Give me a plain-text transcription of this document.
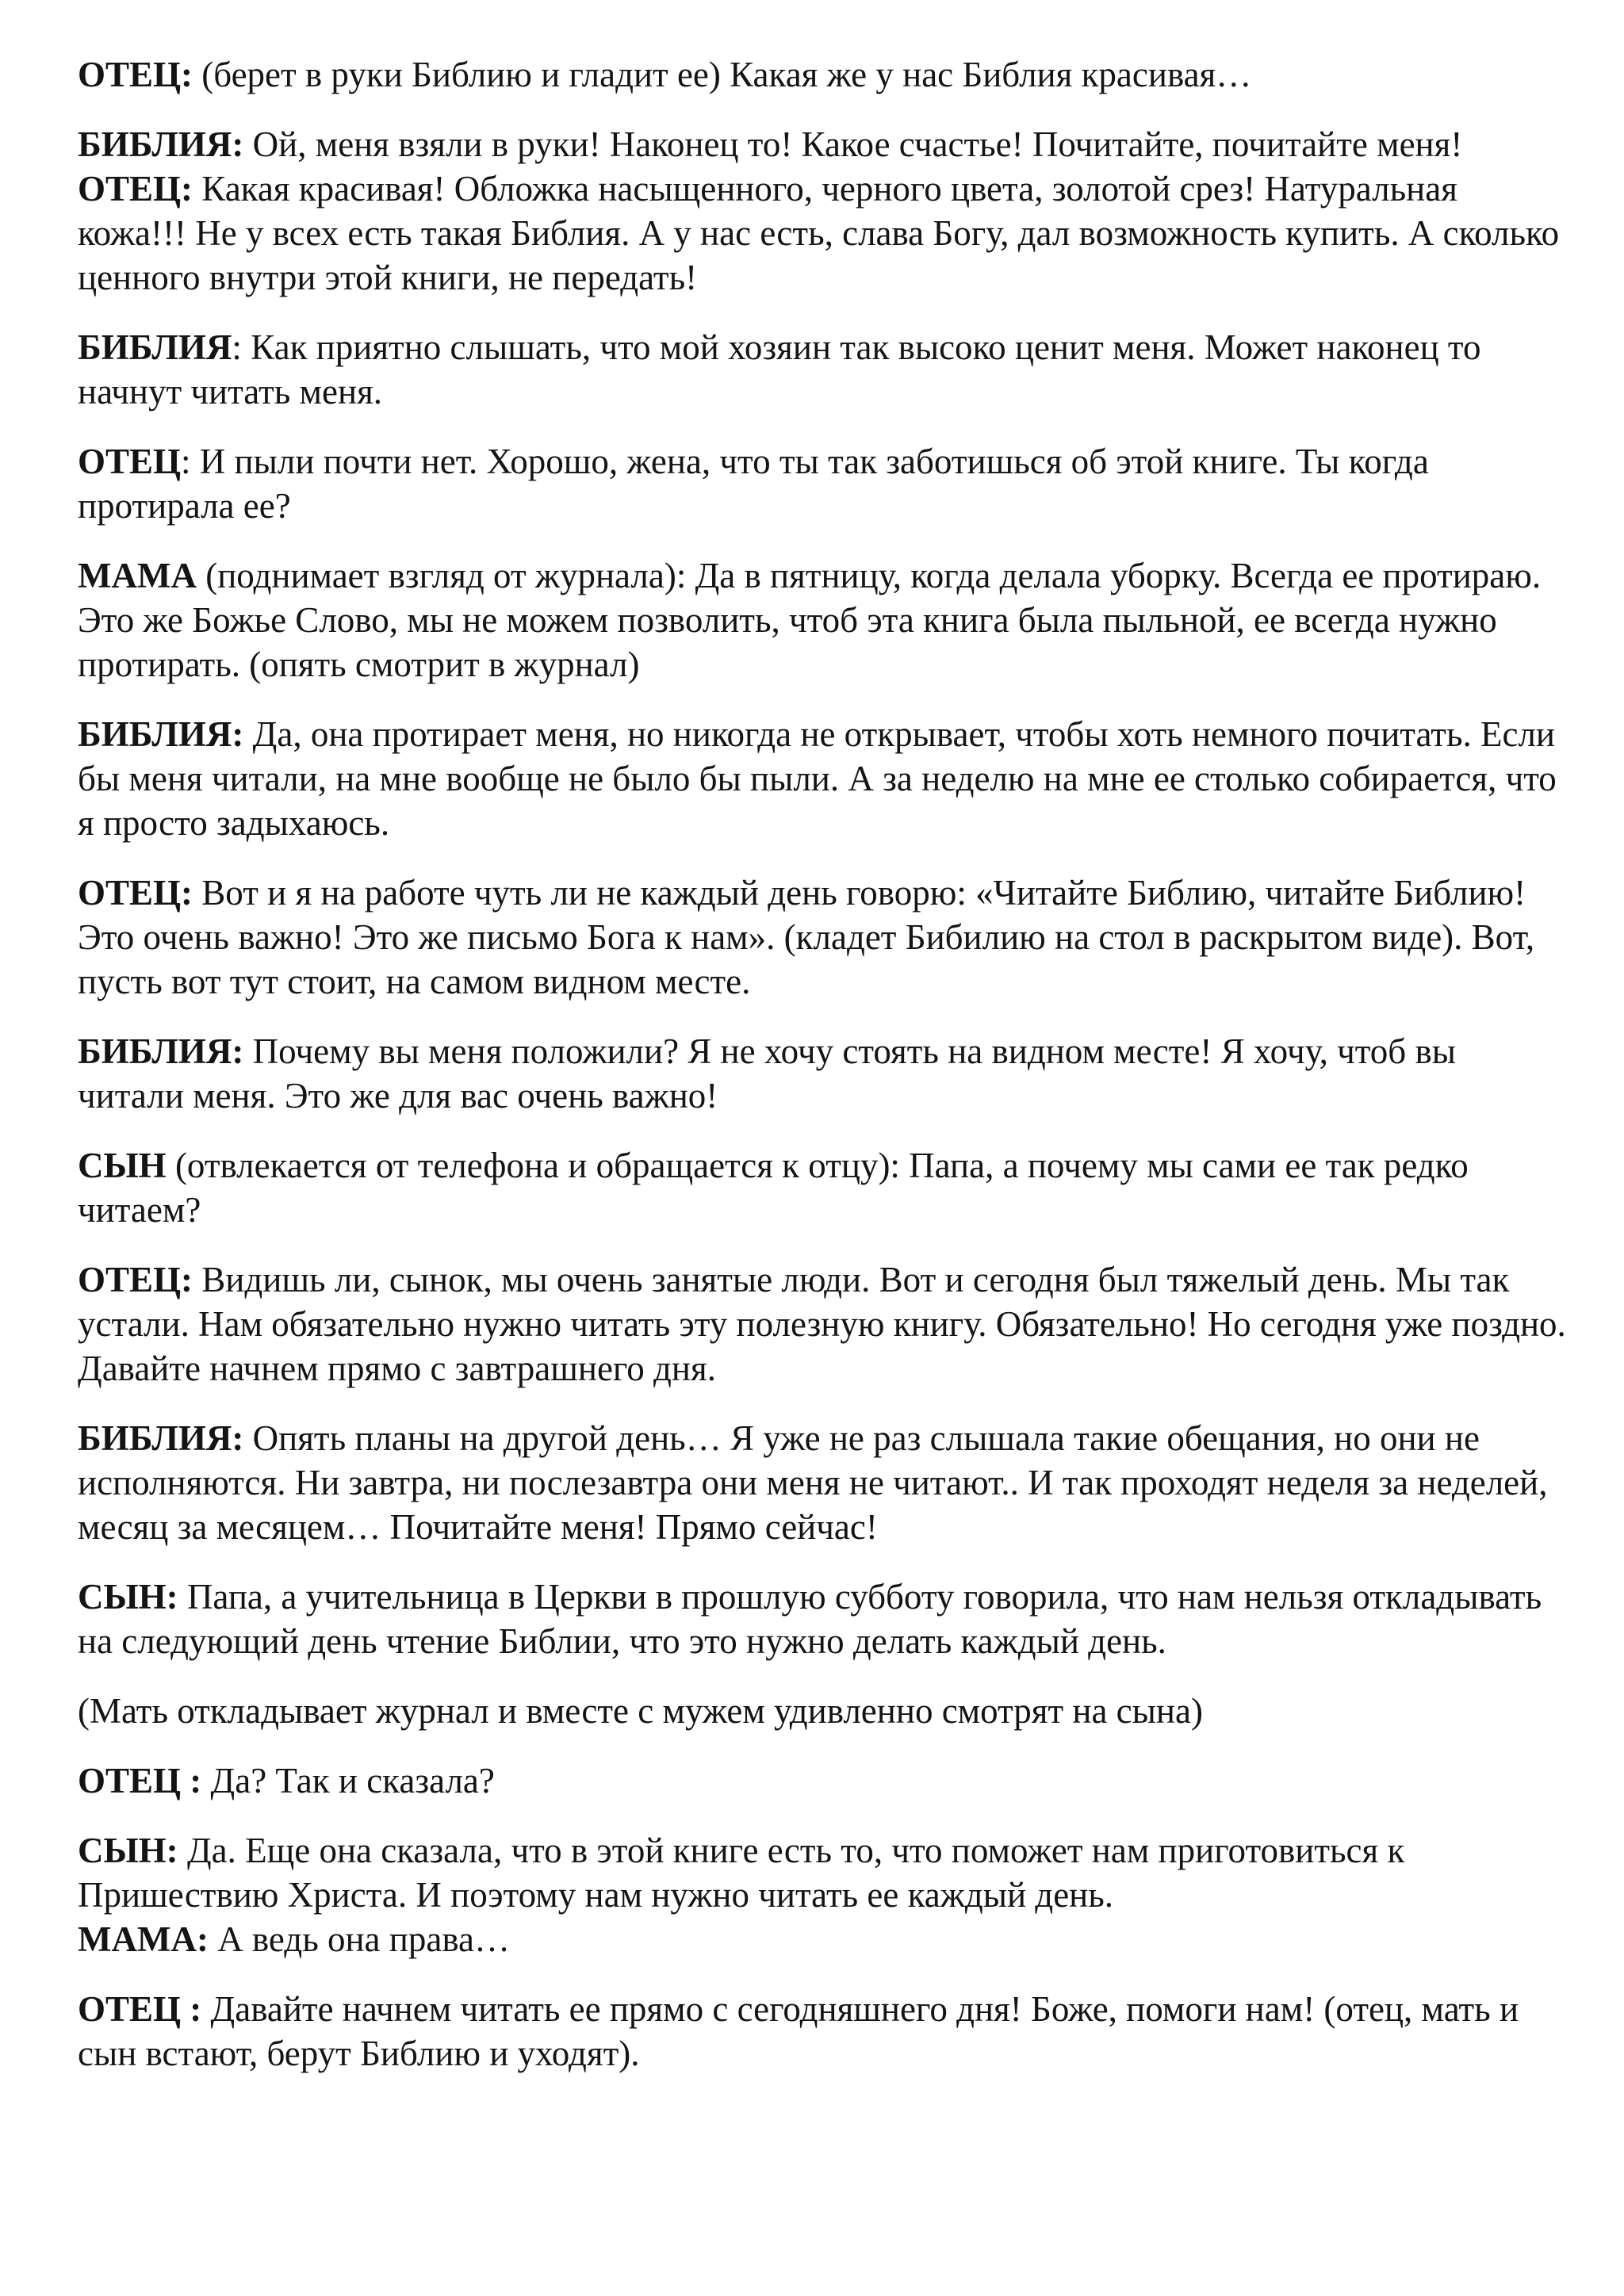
ОТЕЦ: (берет в руки Библию и гладит ее) Какая же у нас Библия красивая…

БИБЛИЯ: Ой, меня взяли в руки! Наконец то! Какое счастье! Почитайте, почитайте меня!

ОТЕЦ: Какая красивая! Обложка насыщенного, черного цвета, золотой срез! Натуральная кожа!!! Не у всех есть такая Библия. А у нас есть, слава Богу, дал возможность купить. А сколько ценного внутри этой книги, не передать!

БИБЛИЯ: Как приятно слышать, что мой хозяин так высоко ценит меня. Может наконец то начнут читать меня.

ОТЕЦ: И пыли почти нет. Хорошо, жена, что ты так заботишься об этой книге. Ты когда протирала ее?

МАМА (поднимает взгляд от журнала): Да в пятницу, когда делала уборку. Всегда ее протираю. Это же Божье Слово, мы не можем позволить, чтоб эта книга была пыльной, ее всегда нужно протирать. (опять смотрит в журнал)

БИБЛИЯ: Да, она протирает меня, но никогда не открывает, чтобы хоть немного почитать. Если бы меня читали, на мне вообще не было бы пыли. А за неделю на мне ее столько собирается, что я просто задыхаюсь.

ОТЕЦ: Вот и я на работе чуть ли не каждый день говорю: «Читайте Библию, читайте Библию! Это очень важно! Это же письмо Бога к нам». (кладет Бибилию на стол в раскрытом виде). Вот, пусть вот тут стоит, на самом видном месте.

БИБЛИЯ: Почему вы меня положили? Я не хочу стоять на видном месте! Я хочу, чтоб вы читали меня. Это же для вас очень важно!

СЫН (отвлекается от телефона и обращается к отцу): Папа, а почему мы сами ее так редко читаем?

ОТЕЦ: Видишь ли, сынок, мы очень занятые люди. Вот и сегодня был тяжелый день. Мы так устали. Нам обязательно нужно читать эту полезную книгу. Обязательно! Но сегодня уже поздно. Давайте начнем прямо с завтрашнего дня.

БИБЛИЯ: Опять планы на другой день… Я уже не раз слышала такие обещания, но они не исполняются. Ни завтра, ни послезавтра они меня не читают.. И так проходят неделя за неделей, месяц за месяцем… Почитайте меня! Прямо сейчас!

СЫН: Папа, а учительница в Церкви в прошлую субботу говорила, что нам нельзя откладывать на следующий день чтение Библии, что это нужно делать каждый день.

(Мать откладывает журнал и вместе с мужем удивленно смотрят на сына)

ОТЕЦ : Да? Так и сказала?

СЫН: Да. Еще она сказала, что в этой книге есть то, что поможет нам приготовиться к Пришествию Христа. И поэтому нам нужно читать ее каждый день.

МАМА: А ведь она права…

ОТЕЦ : Давайте начнем читать ее прямо с сегодняшнего дня! Боже, помоги нам! (отец, мать и сын встают, берут Библию и уходят).
